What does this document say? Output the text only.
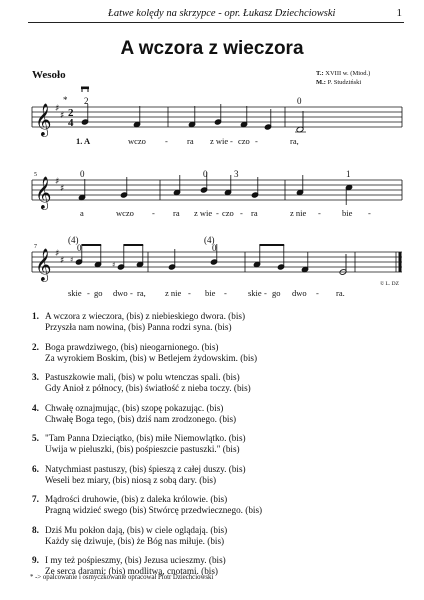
Łatwe kolędy na skrzypce - opr. Łukasz Dziechciowski	1
A wczora z wieczora
Wesoło	T.: XVIII w. (Miod.)
M.: P. Studziński
𝄞
𝄞
𝄞
♯
♯
♯
♯
♯
♯
2
4
5
7
*
♯
♯
© L. DZ
2	0
0	0	3	1
(4)
0
(4)
0
1. A	wczo - ra z wie - czo -	ra,
a	wczo - ra z wie - czo - ra	z nie - bie -
skie - go dwo - ra, z nie - bie - skie - go dwo - ra.
1. A wczora z wieczora, (bis) z niebieskiego dwora. (bis)
Przyszła nam nowina, (bis) Panna rodzi syna. (bis)
2. Boga prawdziwego, (bis) nieogarnionego. (bis)
Za wyrokiem Boskim, (bis) w Betlejem żydowskim. (bis)
3. Pastuszkowie mali, (bis) w polu wtenczas spali. (bis)
Gdy Anioł z północy, (bis) światłość z nieba toczy. (bis)
4. Chwałę oznajmując, (bis) szopę pokazując. (bis)
Chwałę Boga tego, (bis) dziś nam zrodzonego. (bis)
5. "Tam Panna Dzieciątko, (bis) miłe Niemowlątko. (bis)
Uwija w pieluszki, (bis) pośpieszcie pastuszki." (bis)
6. Natychmiast pastuszy, (bis) śpieszą z całej duszy. (bis)
Weseli bez miary, (bis) niosą z sobą dary. (bis)
7. Mądrości druhowie, (bis) z daleka królowie. (bis)
Pragną widzieć swego (bis) Stwórcę przedwiecznego. (bis)
8. Dziś Mu pokłon dają, (bis) w ciele oglądają. (bis)
Każdy się dziwuje, (bis) że Bóg nas miłuje. (bis)
9. I my też pośpieszmy, (bis) Jezusa ucieszmy. (bis)
Ze serca darami: (bis) modlitwą, cnotami. (bis)
* -> opalcowanie i osmyczkowanie opracował Piotr Dziechciowski
